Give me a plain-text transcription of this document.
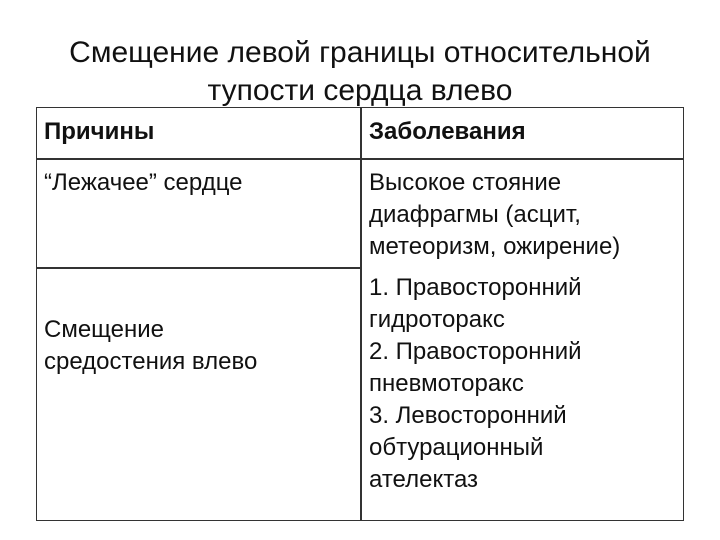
Смещение левой границы относительной
тупости сердца влево
Причины	Заболевания
“Лежачее” сердце	Высокое стояние
диафрагмы (асцит,
метеоризм, ожирение)
Смещение
средостения влево
1. Правосторонний
гидроторакс
2. Правосторонний
пневмоторакс
3. Левосторонний
обтурационный
ателектаз
